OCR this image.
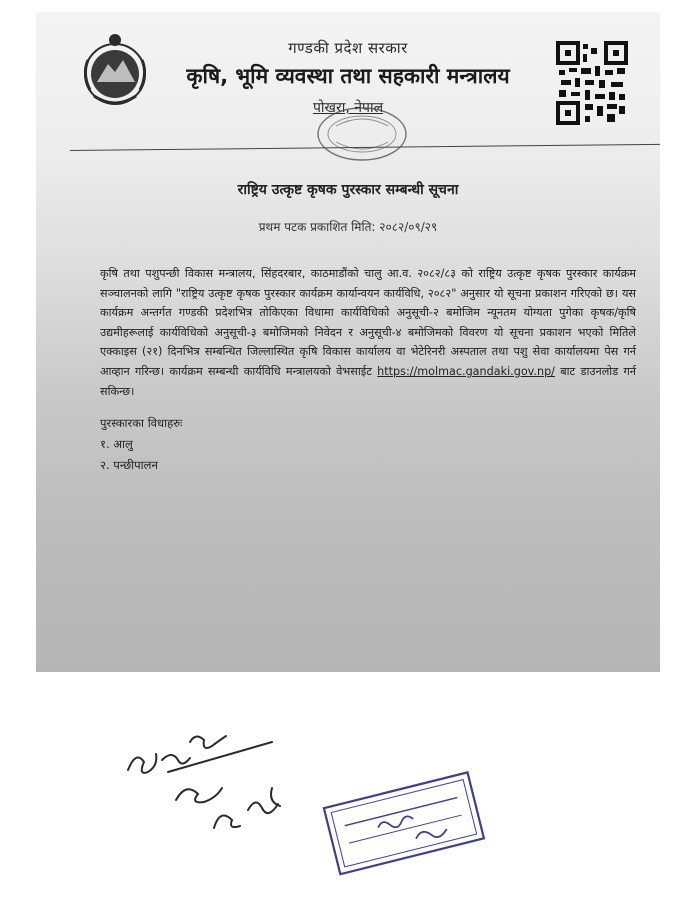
गण्डकी प्रदेश सरकार
कृषि, भूमि व्यवस्था तथा सहकारी मन्त्रालय
पोखरा, नेपाल
राष्ट्रिय उत्कृष्ट कृषक पुरस्कार सम्बन्धी सूचना
प्रथम पटक प्रकाशित मिति: २०८२/०९/२९
कृषि तथा पशुपन्छी विकास मन्त्रालय, सिंहदरबार, काठमाडौंको चालु आ.व. २०८२/८३ को राष्ट्रिय उत्कृष्ट कृषक पुरस्कार कार्यक्रम सञ्चालनको लागि "राष्ट्रिय उत्कृष्ट कृषक पुरस्कार कार्यक्रम कार्यान्वयन कार्यविधि, २०८२" अनुसार यो सूचना प्रकाशन गरिएको छ। यस कार्यक्रम अन्तर्गत गण्डकी प्रदेशभित्र तोकिएका विधामा कार्यविधिको अनुसूची-२ बमोजिम न्यूनतम योग्यता पुगेका कृषक/कृषि उद्यमीहरूलाई कार्यविधिको अनुसूची-३ बमोजिमको निवेदन र अनुसूची-४ बमोजिमको विवरण यो सूचना प्रकाशन भएको मितिले एक्काइस (२१) दिनभित्र सम्बन्धित जिल्लास्थित कृषि विकास कार्यालय वा भेटेरिनरी अस्पताल तथा पशु सेवा कार्यालयमा पेस गर्न आव्हान गरिन्छ। कार्यक्रम सम्बन्धी कार्यविधि मन्त्रालयको वेभसाईट https://molmac.gandaki.gov.np/ बाट डाउनलोड गर्न सकिन्छ।
पुरस्कारका विधाहरुः
१. आलु
२. पन्छीपालन
